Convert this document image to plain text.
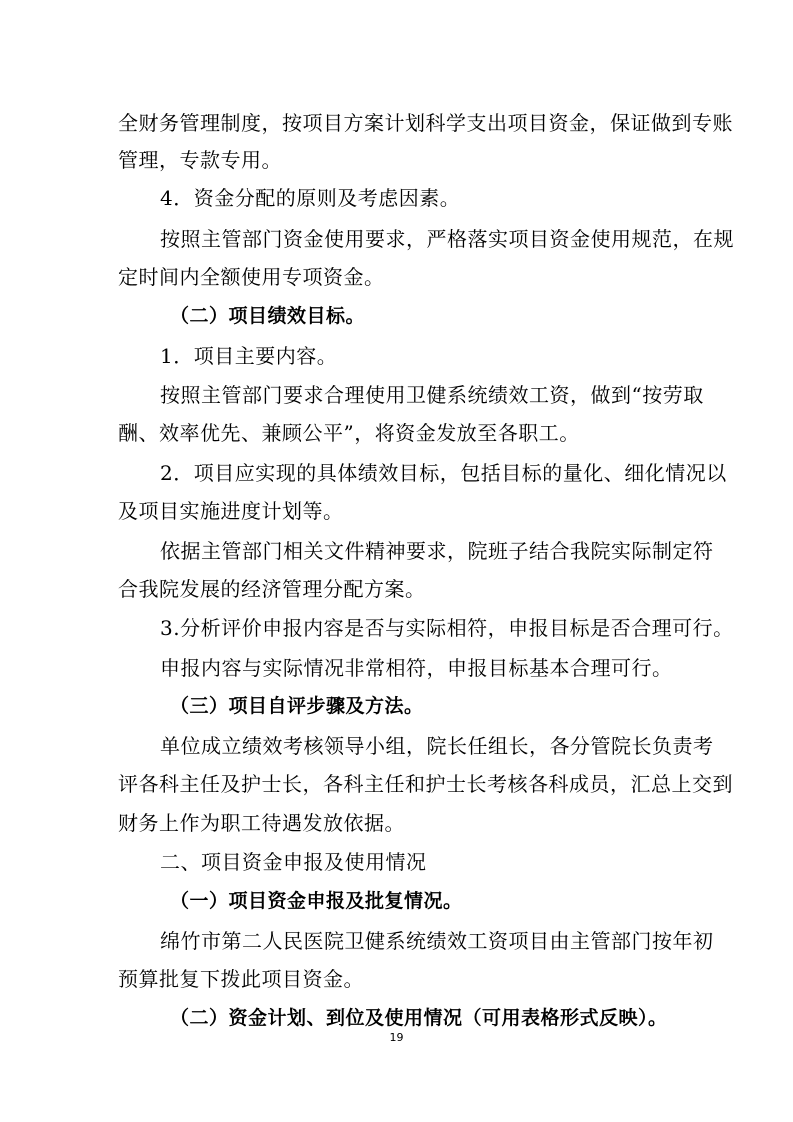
全财务管理制度，按项目方案计划科学支出项目资金，保证做到专账
管理，专款专用。
4．资金分配的原则及考虑因素。
按照主管部门资金使用要求，严格落实项目资金使用规范，在规
定时间内全额使用专项资金。
（二）项目绩效目标。
1．项目主要内容。
按照主管部门要求合理使用卫健系统绩效工资，做到“按劳取
酬、效率优先、兼顾公平”，将资金发放至各职工。
2．项目应实现的具体绩效目标，包括目标的量化、细化情况以
及项目实施进度计划等。
依据主管部门相关文件精神要求，院班子结合我院实际制定符
合我院发展的经济管理分配方案。
3.分析评价申报内容是否与实际相符，申报目标是否合理可行。
申报内容与实际情况非常相符，申报目标基本合理可行。
（三）项目自评步骤及方法。
单位成立绩效考核领导小组，院长任组长，各分管院长负责考
评各科主任及护士长，各科主任和护士长考核各科成员，汇总上交到
财务上作为职工待遇发放依据。
二、项目资金申报及使用情况
（一）项目资金申报及批复情况。
绵竹市第二人民医院卫健系统绩效工资项目由主管部门按年初
预算批复下拨此项目资金。
（二）资金计划、到位及使用情况（可用表格形式反映）。
19
